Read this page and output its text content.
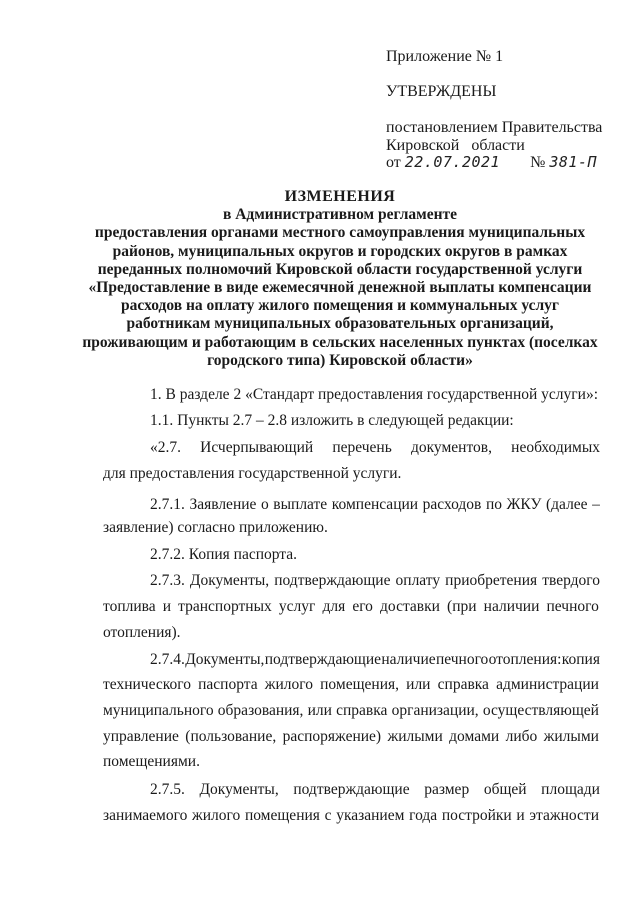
Приложение № 1
УТВЕРЖДЕНЫ
постановлением Правительства
Кировской   области
от 22.07.2021 № 381-П
ИЗМЕНЕНИЯ
в Административном регламенте
предоставления органами местного самоуправления муниципальных
районов, муниципальных округов и городских округов в рамках
переданных полномочий Кировской области государственной услуги
«Предоставление в виде ежемесячной денежной выплаты компенсации
расходов на оплату жилого помещения и коммунальных услуг
работникам муниципальных образовательных организаций,
проживающим и работающим в сельских населенных пунктах (поселках
городского типа) Кировской области»
1. В разделе 2 «Стандарт предоставления государственной услуги»:
1.1. Пункты 2.7 – 2.8 изложить в следующей редакции:
«2.7. Исчерпывающий перечень документов, необходимых
для предоставления государственной услуги.
2.7.1. Заявление о выплате компенсации расходов по ЖКУ (далее –
заявление) согласно приложению.
2.7.2. Копия паспорта.
2.7.3. Документы, подтверждающие оплату приобретения твердого
топлива и транспортных услуг для его доставки (при наличии печного
отопления).
2.7.4. Документы, подтверждающие наличие печного отопления: копия
технического паспорта жилого помещения, или справка администрации
муниципального образования, или справка организации, осуществляющей
управление (пользование, распоряжение) жилыми домами либо жилыми
помещениями.
2.7.5. Документы, подтверждающие размер общей площади
занимаемого жилого помещения с указанием года постройки и этажности
